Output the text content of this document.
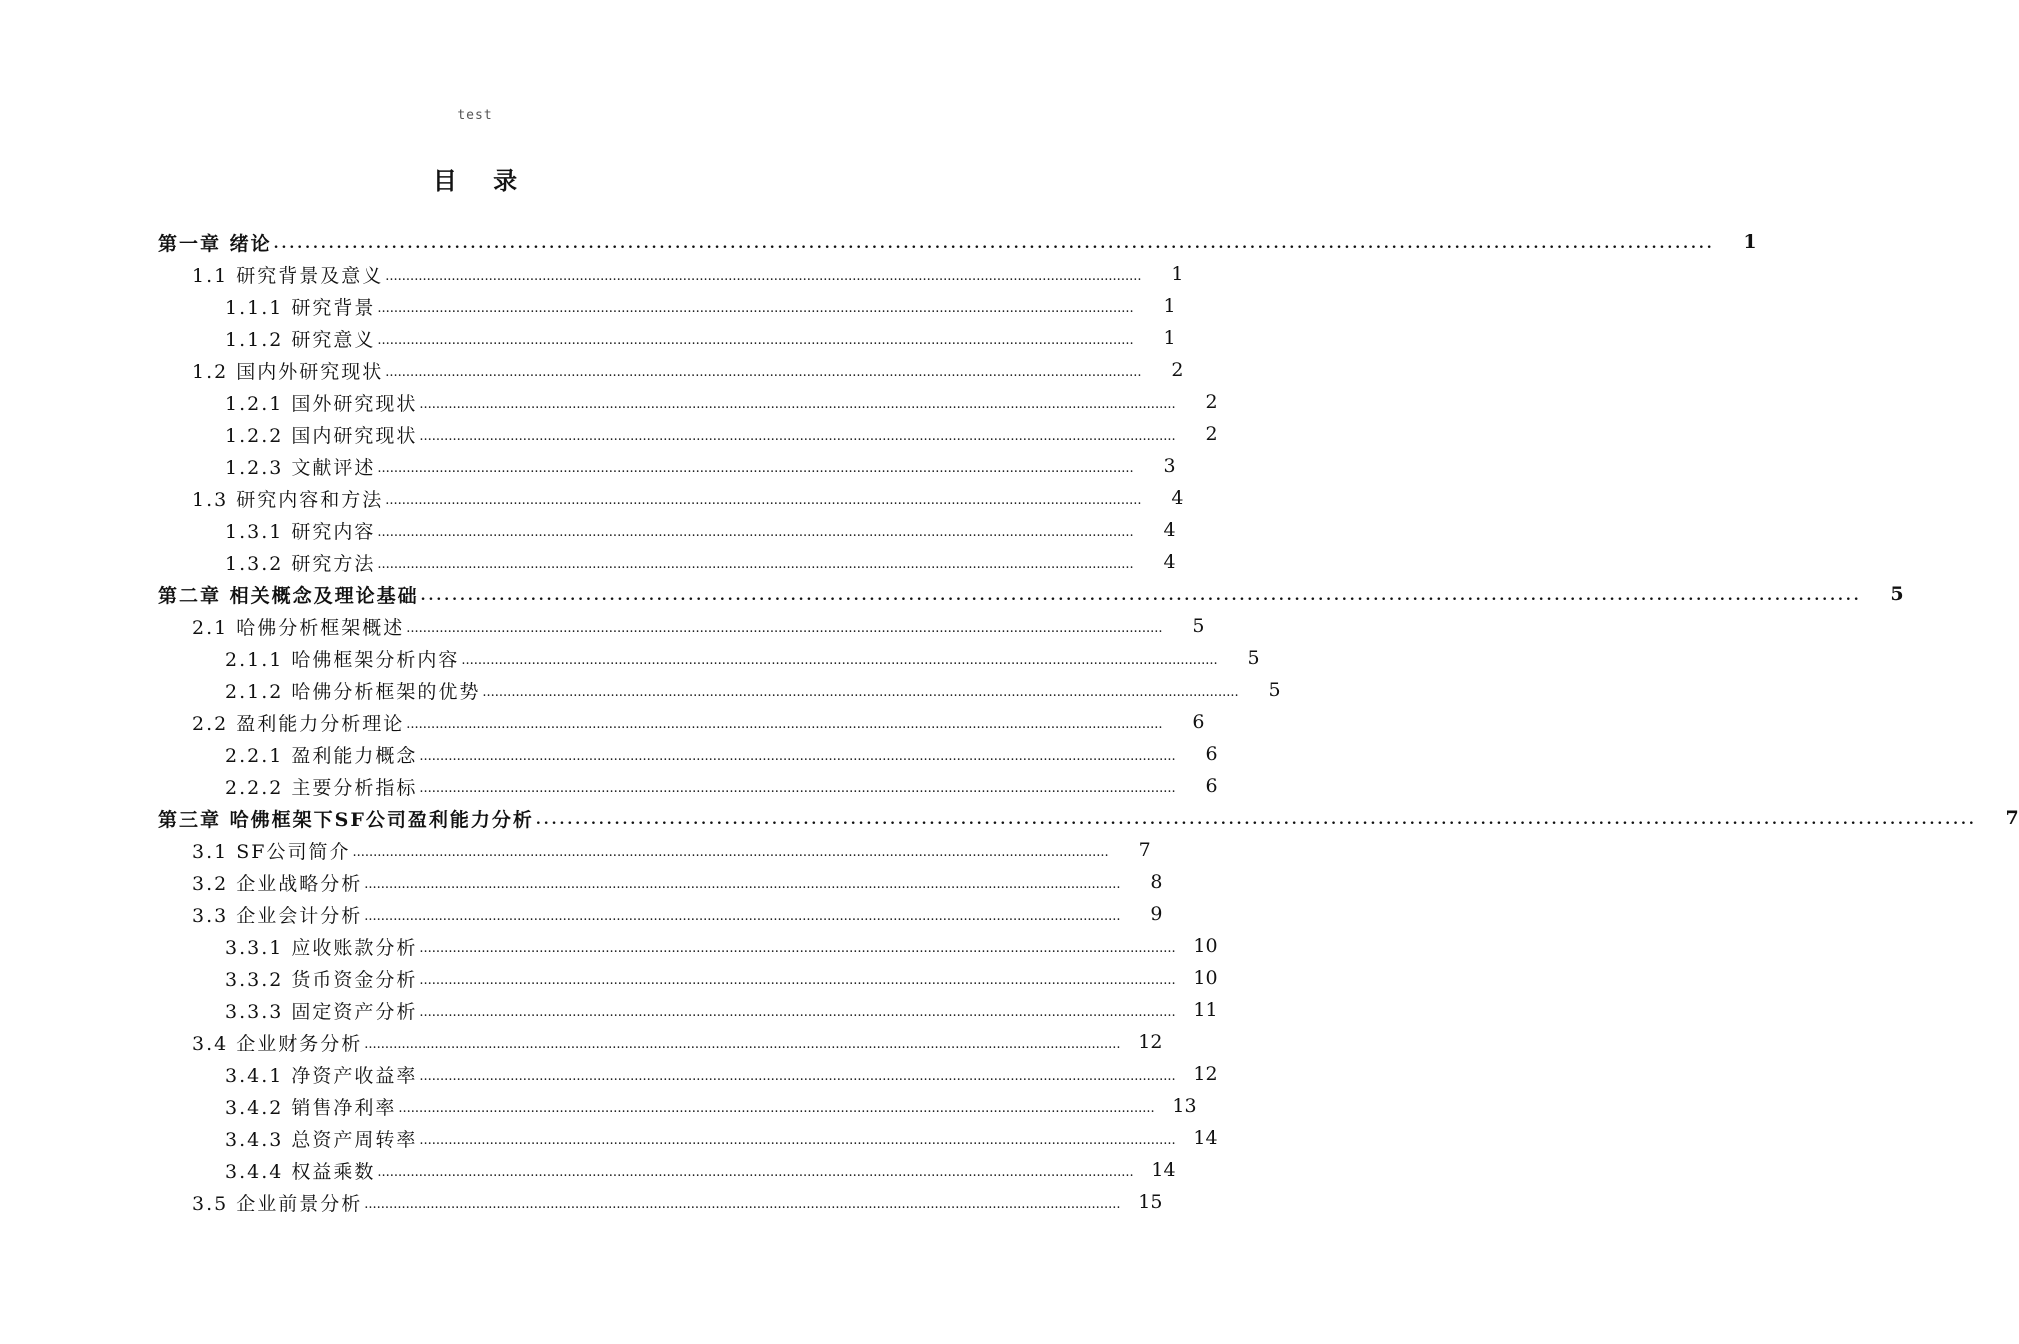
test
目 录
第一章 绪论 .......................................................................................................................................................................................	1
1.1 研究背景及意义 .......................................................................................................................................................................................	1
1.1.1 研究背景 .......................................................................................................................................................................................	1
1.1.2 研究意义 .......................................................................................................................................................................................	1
1.2 国内外研究现状 .......................................................................................................................................................................................	2
1.2.1 国外研究现状 .......................................................................................................................................................................................	2
1.2.2 国内研究现状 .......................................................................................................................................................................................	2
1.2.3 文献评述 .......................................................................................................................................................................................	3
1.3 研究内容和方法 .......................................................................................................................................................................................	4
1.3.1 研究内容 .......................................................................................................................................................................................	4
1.3.2 研究方法 .......................................................................................................................................................................................	4
第二章 相关概念及理论基础 .......................................................................................................................................................................................	5
2.1 哈佛分析框架概述 .......................................................................................................................................................................................	5
2.1.1 哈佛框架分析内容 .......................................................................................................................................................................................	5
2.1.2 哈佛分析框架的优势 .......................................................................................................................................................................................	5
2.2 盈利能力分析理论 .......................................................................................................................................................................................	6
2.2.1 盈利能力概念 .......................................................................................................................................................................................	6
2.2.2 主要分析指标 .......................................................................................................................................................................................	6
第三章 哈佛框架下SF公司盈利能力分析 .......................................................................................................................................................................................	7
3.1 SF公司简介 .......................................................................................................................................................................................	7
3.2 企业战略分析 .......................................................................................................................................................................................	8
3.3 企业会计分析 .......................................................................................................................................................................................	9
3.3.1 应收账款分析 ....................................................................................................................................................................................... 10
3.3.2 货币资金分析 ....................................................................................................................................................................................... 10
3.3.3 固定资产分析 ....................................................................................................................................................................................... 11
3.4 企业财务分析 ....................................................................................................................................................................................... 12
3.4.1 净资产收益率 ....................................................................................................................................................................................... 12
3.4.2 销售净利率 ....................................................................................................................................................................................... 13
3.4.3 总资产周转率 ....................................................................................................................................................................................... 14
3.4.4 权益乘数 ....................................................................................................................................................................................... 14
3.5 企业前景分析 ....................................................................................................................................................................................... 15
